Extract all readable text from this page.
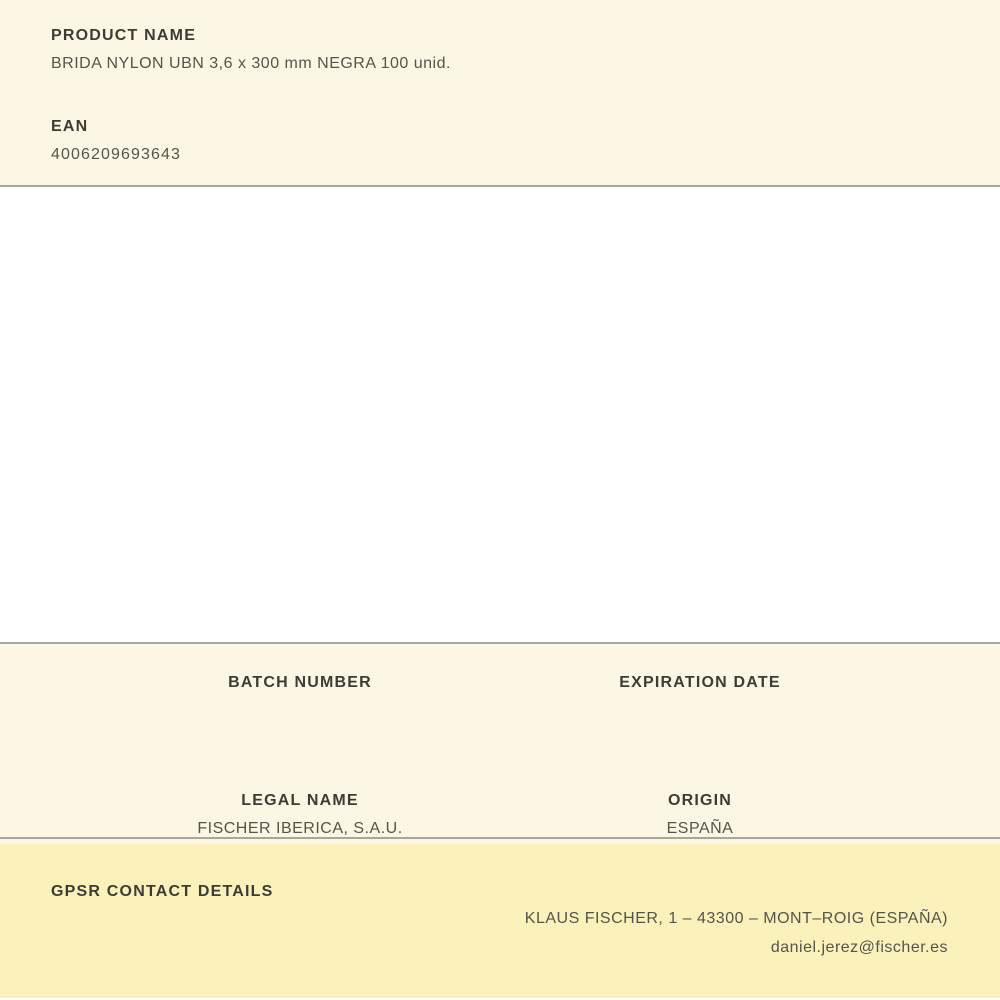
PRODUCT NAME
BRIDA NYLON UBN 3,6 x 300 mm NEGRA 100 unid.
EAN
4006209693643
BATCH NUMBER	EXPIRATION DATE
LEGAL NAME
FISCHER IBERICA, S.A.U.
ORIGIN
ESPAÑA
GPSR CONTACT DETAILS
KLAUS FISCHER, 1 – 43300 – MONT–ROIG (ESPAÑA)
daniel.jerez@fischer.es
